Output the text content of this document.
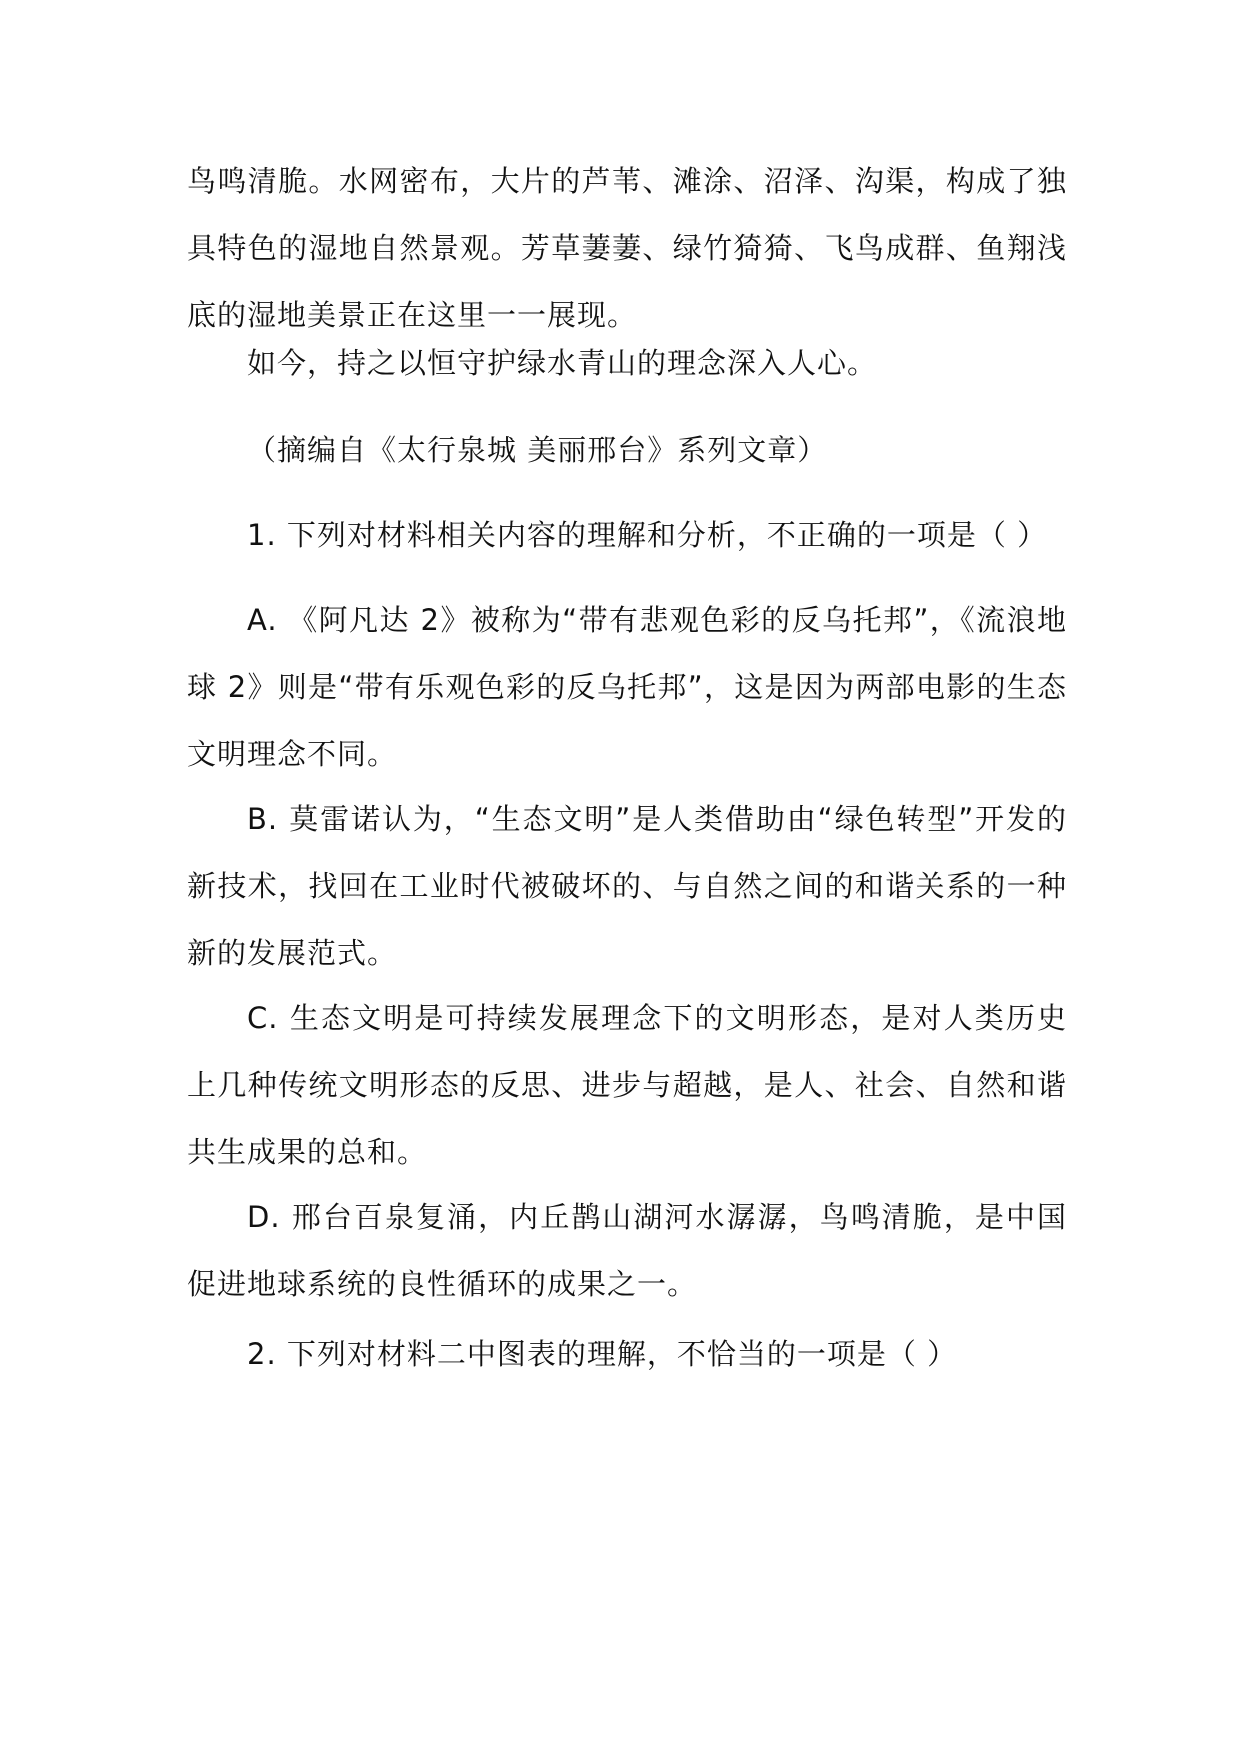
鸟鸣清脆。水网密布，大片的芦苇、滩涂、沼泽、沟渠，构成了独具特色的湿地自然景观。芳草萋萋、绿竹猗猗、飞鸟成群、鱼翔浅底的湿地美景正在这里一一展现。

如今，持之以恒守护绿水青山的理念深入人心。

（摘编自《太行泉城 美丽邢台》系列文章）

1. 下列对材料相关内容的理解和分析，不正确的一项是（ ）

A. 《阿凡达 2》被称为“带有悲观色彩的反乌托邦”，《流浪地球 2》则是“带有乐观色彩的反乌托邦”，这是因为两部电影的生态文明理念不同。

B. 莫雷诺认为，“生态文明”是人类借助由“绿色转型”开发的新技术，找回在工业时代被破坏的、与自然之间的和谐关系的一种新的发展范式。

C. 生态文明是可持续发展理念下的文明形态，是对人类历史上几种传统文明形态的反思、进步与超越，是人、社会、自然和谐共生成果的总和。

D. 邢台百泉复涌，内丘鹊山湖河水潺潺，鸟鸣清脆，是中国促进地球系统的良性循环的成果之一。

2. 下列对材料二中图表的理解，不恰当的一项是（ ）
